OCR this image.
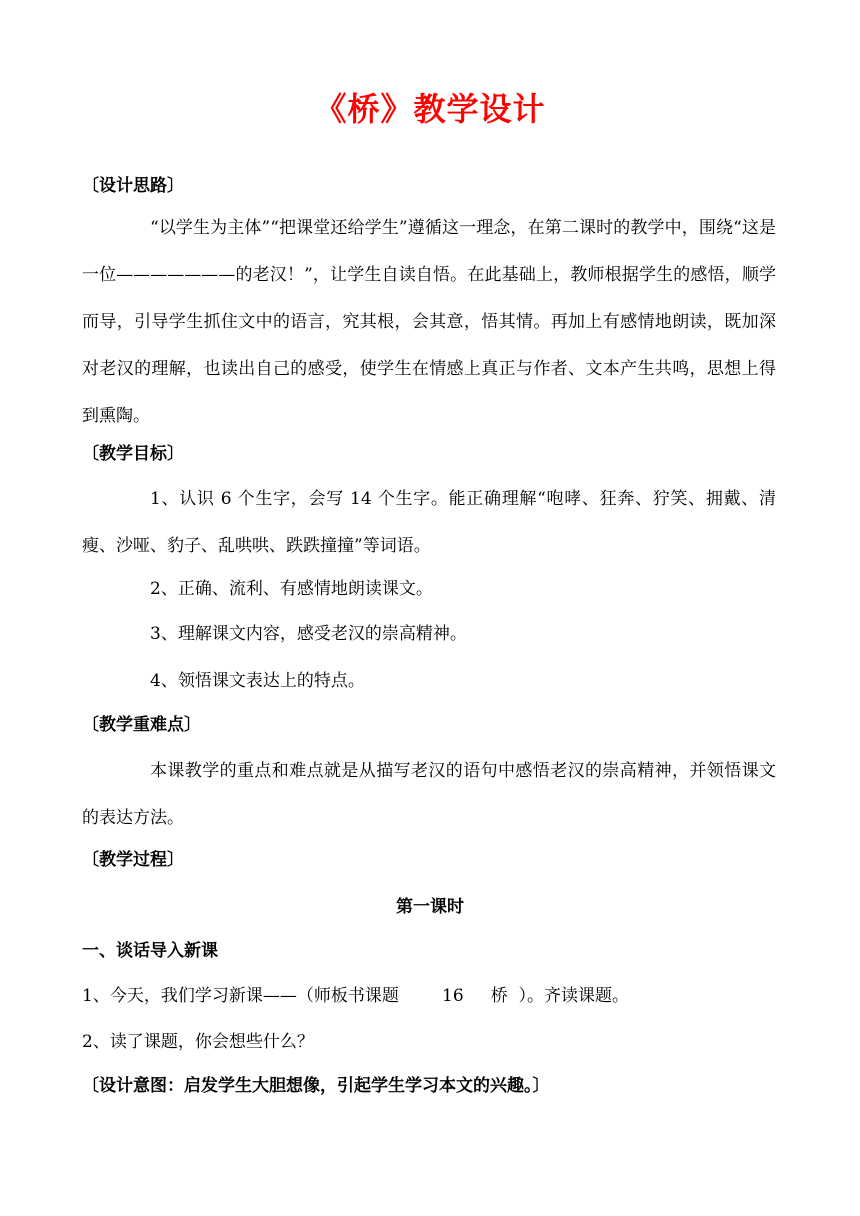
《桥》教学设计
〔设计思路〕
“以学生为主体”“把课堂还给学生”遵循这一理念，在第二课时的教学中，围绕“这是一位———————的老汉！”，让学生自读自悟。在此基础上，教师根据学生的感悟，顺学而导，引导学生抓住文中的语言，究其根，会其意，悟其情。再加上有感情地朗读，既加深对老汉的理解，也读出自己的感受，使学生在情感上真正与作者、文本产生共鸣，思想上得到熏陶。
〔教学目标〕
1、认识 6 个生字，会写 14 个生字。能正确理解“咆哮、狂奔、狞笑、拥戴、清瘦、沙哑、豹子、乱哄哄、跌跌撞撞”等词语。
2、正确、流利、有感情地朗读课文。
3、理解课文内容，感受老汉的崇高精神。
4、领悟课文表达上的特点。
〔教学重难点〕
本课教学的重点和难点就是从描写老汉的语句中感悟老汉的崇高精神，并领悟课文的表达方法。
〔教学过程〕
第一课时
一、谈话导入新课
1、今天，我们学习新课——（师板书课题        16     桥  ）。齐读课题。
2、读了课题，你会想些什么？
〔设计意图：启发学生大胆想像，引起学生学习本文的兴趣。〕
